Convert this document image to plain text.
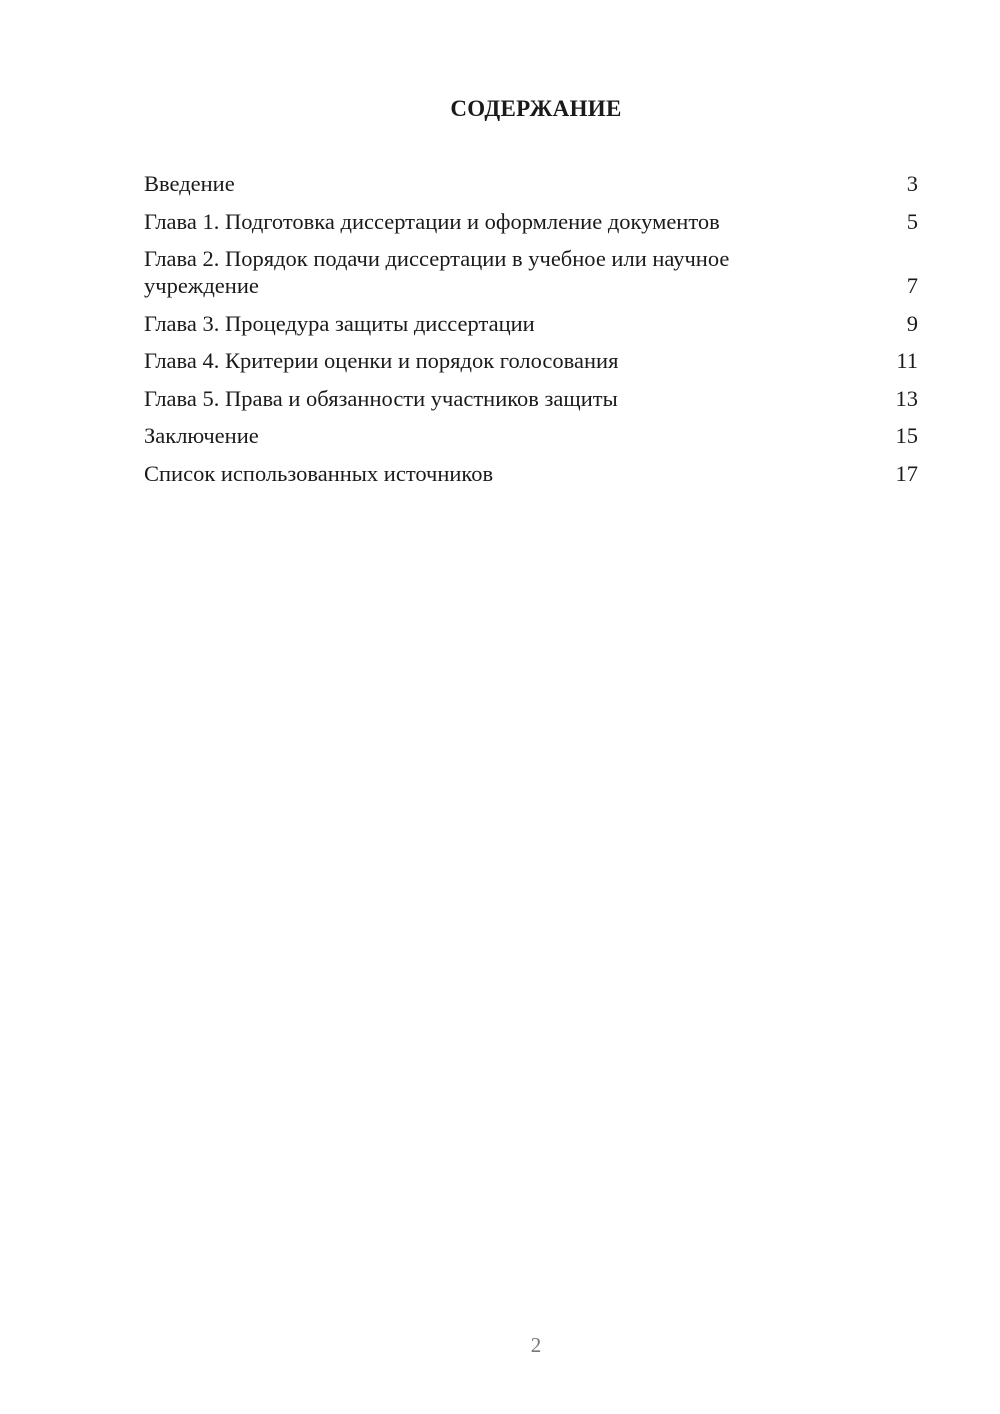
СОДЕРЖАНИЕ
Введение	3
Глава 1. Подготовка диссертации и оформление документов	5
Глава 2. Порядок подачи диссертации в учебное или научное учреждение	7
Глава 3. Процедура защиты диссертации	9
Глава 4. Критерии оценки и порядок голосования	11
Глава 5. Права и обязанности участников защиты	13
Заключение	15
Список использованных источников	17
2
